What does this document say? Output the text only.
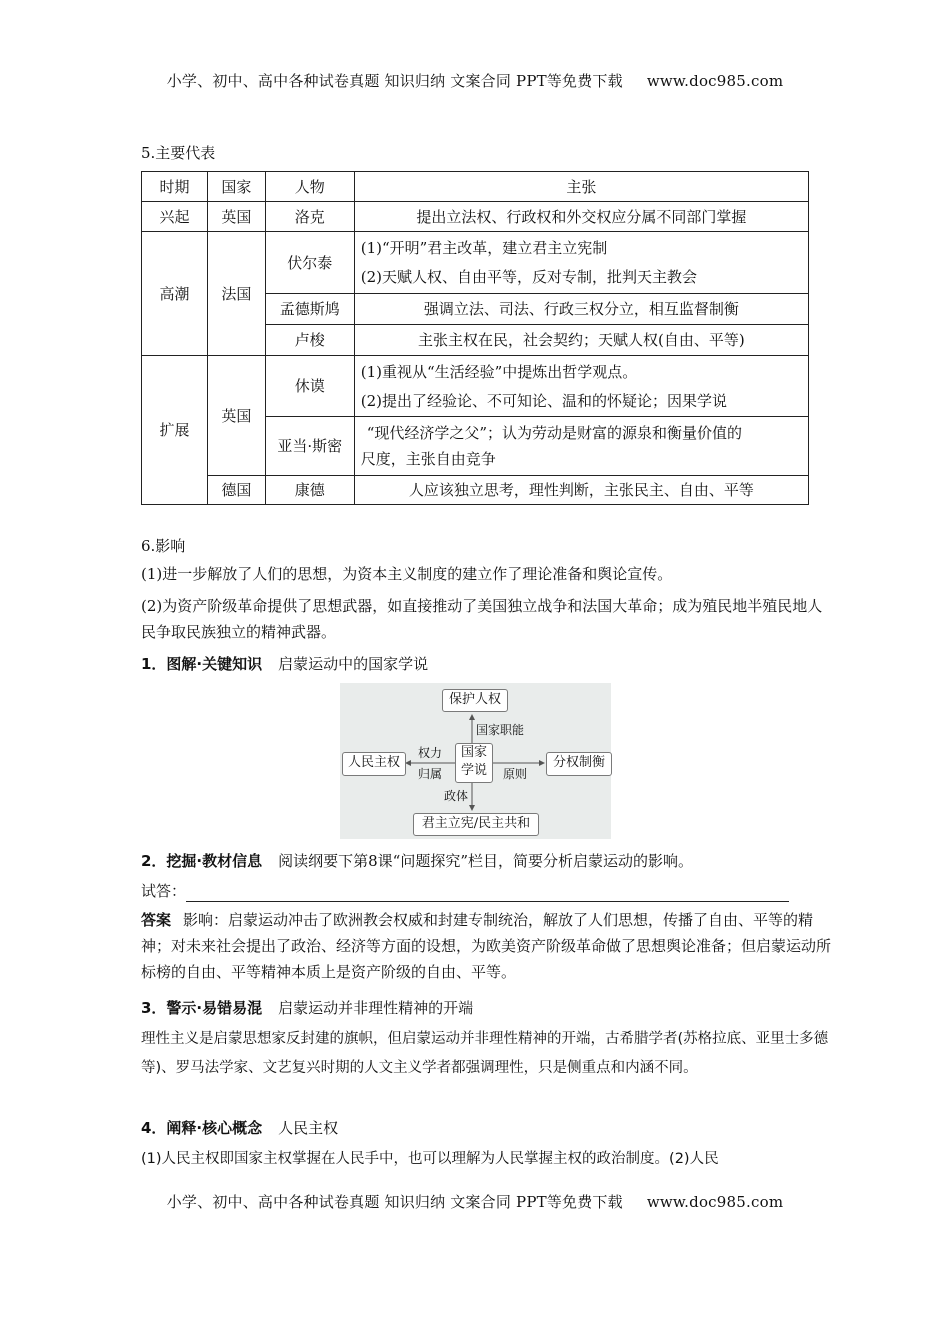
小学、初中、高中各种试卷真题 知识归纳 文案合同 PPT等免费下载 www.doc985.com
5.主要代表
时期	国家	人物	主张
兴起	英国	洛克	提出立法权、行政权和外交权应分属不同部门掌握
高潮	法国	伏尔泰	(1)“开明”君主改革，建立君主立宪制
(2)天赋人权、自由平等，反对专制，批判天主教会

		孟德斯鸠	强调立法、司法、行政三权分立，相互监督制衡
		卢梭	主张主权在民，社会契约；天赋人权(自由、平等)
扩展	英国	休谟	(1)重视从“生活经验”中提炼出哲学观点。
(2)提出了经验论、不可知论、温和的怀疑论；因果学说

		亚当·斯密	“现代经济学之父”；认为劳动是财富的源泉和衡量价值的
尺度，主张自由竞争

	德国	康德	人应该独立思考，理性判断，主张民主、自由、平等
6.影响
(1)进一步解放了人们的思想，为资本主义制度的建立作了理论准备和舆论宣传。
(2)为资产阶级革命提供了思想武器，如直接推动了美国独立战争和法国大革命；成为殖民地半殖民地人民争取民族独立的精神武器。
1．图解·关键知识 启蒙运动中的国家学说
保护人权
人民主权	分权制衡
君主立宪/民主共和
国家
学说
国家职能
权力
归属	原则
政体
2．挖掘·教材信息 阅读纲要下第8课“问题探究”栏目，简要分析启蒙运动的影响。
试答：
答案 影响：启蒙运动冲击了欧洲教会权威和封建专制统治，解放了人们思想，传播了自由、平等的精神；对未来社会提出了政治、经济等方面的设想，为欧美资产阶级革命做了思想舆论准备；但启蒙运动所标榜的自由、平等精神本质上是资产阶级的自由、平等。
3．警示·易错易混 启蒙运动并非理性精神的开端
理性主义是启蒙思想家反封建的旗帜，但启蒙运动并非理性精神的开端，古希腊学者(苏格拉底、亚里士多德等)、罗马法学家、文艺复兴时期的人文主义学者都强调理性，只是侧重点和内涵不同。
4．阐释·核心概念 人民主权
(1)人民主权即国家主权掌握在人民手中，也可以理解为人民掌握主权的政治制度。(2)人民
小学、初中、高中各种试卷真题 知识归纳 文案合同 PPT等免费下载 www.doc985.com
